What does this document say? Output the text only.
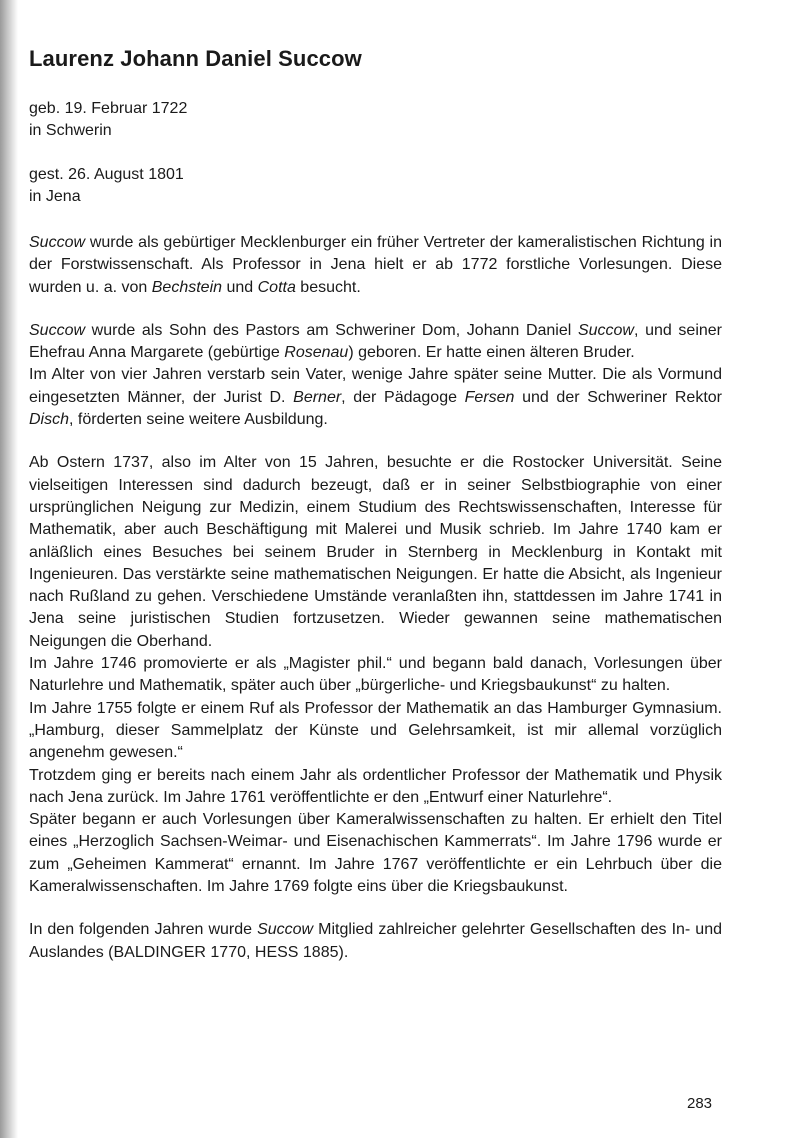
Laurenz Johann Daniel Succow
geb. 19. Februar 1722
in Schwerin
gest. 26. August 1801
in Jena

Succow wurde als gebürtiger Mecklenburger ein früher Vertreter der kameralistischen Richtung in der Forstwissenschaft. Als Professor in Jena hielt er ab 1772 forstliche Vorlesungen. Diese wurden u. a. von Bechstein und Cotta besucht.

Succow wurde als Sohn des Pastors am Schweriner Dom, Johann Daniel Succow, und seiner Ehefrau Anna Margarete (gebürtige Rosenau) geboren. Er hatte einen älteren Bruder.

Im Alter von vier Jahren verstarb sein Vater, wenige Jahre später seine Mutter. Die als Vormund eingesetzten Männer, der Jurist D. Berner, der Pädagoge Fersen und der Schweriner Rektor Disch, förderten seine weitere Ausbildung.

Ab Ostern 1737, also im Alter von 15 Jahren, besuchte er die Rostocker Universität. Seine vielseitigen Interessen sind dadurch bezeugt, daß er in seiner Selbstbiographie von einer ursprünglichen Neigung zur Medizin, einem Studium des Rechtswissenschaften, Interesse für Mathematik, aber auch Beschäftigung mit Malerei und Musik schrieb. Im Jahre 1740 kam er anläßlich eines Besuches bei seinem Bruder in Sternberg in Mecklenburg in Kontakt mit Ingenieuren. Das verstärkte seine mathematischen Neigungen. Er hatte die Absicht, als Ingenieur nach Rußland zu gehen. Verschiedene Umstände veranlaßten ihn, stattdessen im Jahre 1741 in Jena seine juristischen Studien fortzusetzen. Wieder gewannen seine mathematischen Neigungen die Oberhand.

Im Jahre 1746 promovierte er als „Magister phil.“ und begann bald danach, Vorlesungen über Naturlehre und Mathematik, später auch über „bürgerliche- und Kriegsbaukunst“ zu halten.

Im Jahre 1755 folgte er einem Ruf als Professor der Mathematik an das Hamburger Gymnasium. „Hamburg, dieser Sammelplatz der Künste und Gelehrsamkeit, ist mir allemal vorzüglich angenehm gewesen.“

Trotzdem ging er bereits nach einem Jahr als ordentlicher Professor der Mathematik und Physik nach Jena zurück. Im Jahre 1761 veröffentlichte er den „Entwurf einer Naturlehre“.

Später begann er auch Vorlesungen über Kameralwissenschaften zu halten. Er erhielt den Titel eines „Herzoglich Sachsen-Weimar- und Eisenachischen Kammerrats“. Im Jahre 1796 wurde er zum „Geheimen Kammerat“ ernannt. Im Jahre 1767 veröffentlichte er ein Lehrbuch über die Kameralwissenschaften. Im Jahre 1769 folgte eins über die Kriegsbaukunst.

In den folgenden Jahren wurde Succow Mitglied zahlreicher gelehrter Gesellschaften des In- und Auslandes (BALDINGER 1770, HESS 1885).

283
